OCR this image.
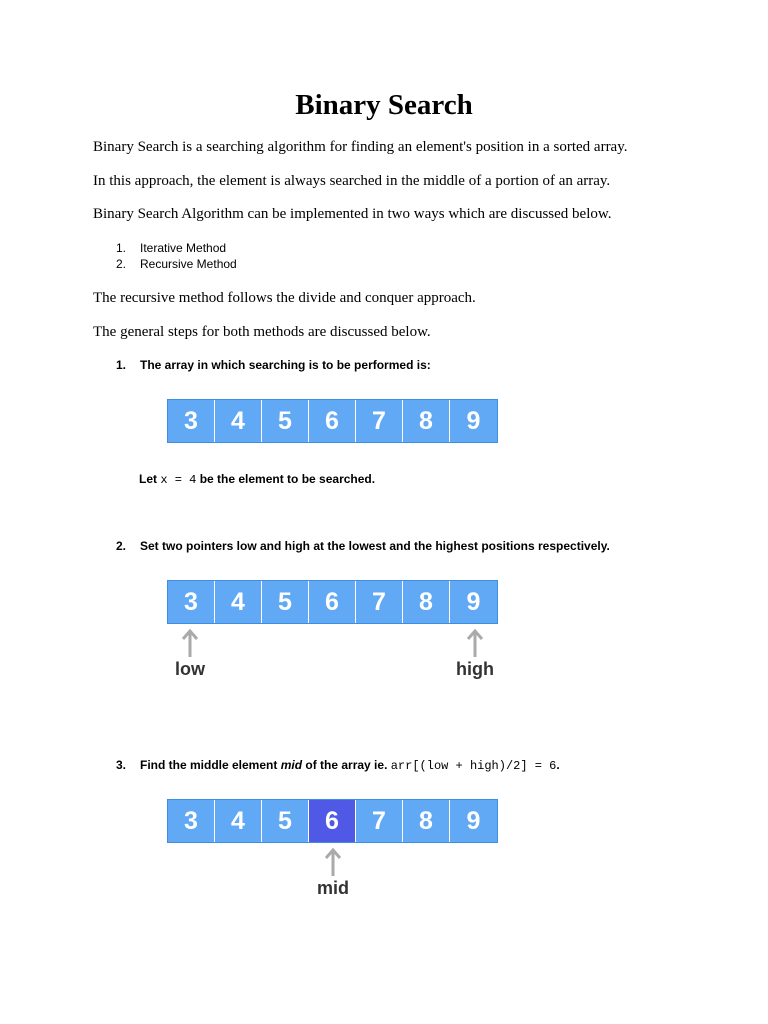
Binary Search
Binary Search is a searching algorithm for finding an element's position in a sorted array.
In this approach, the element is always searched in the middle of a portion of an array.
Binary Search Algorithm can be implemented in two ways which are discussed below.
1. Iterative Method
2. Recursive Method
The recursive method follows the divide and conquer approach.
The general steps for both methods are discussed below.
1. The array in which searching is to be performed is:
3	4	5	6	7	8	9
Let x = 4 be the element to be searched.
2. Set two pointers low and high at the lowest and the highest positions respectively.
3	4	5	6	7	8	9
low	high
3. Find the middle element mid of the array ie. arr[(low + high)/2] = 6.
3	4	5	6	7	8	9
mid
